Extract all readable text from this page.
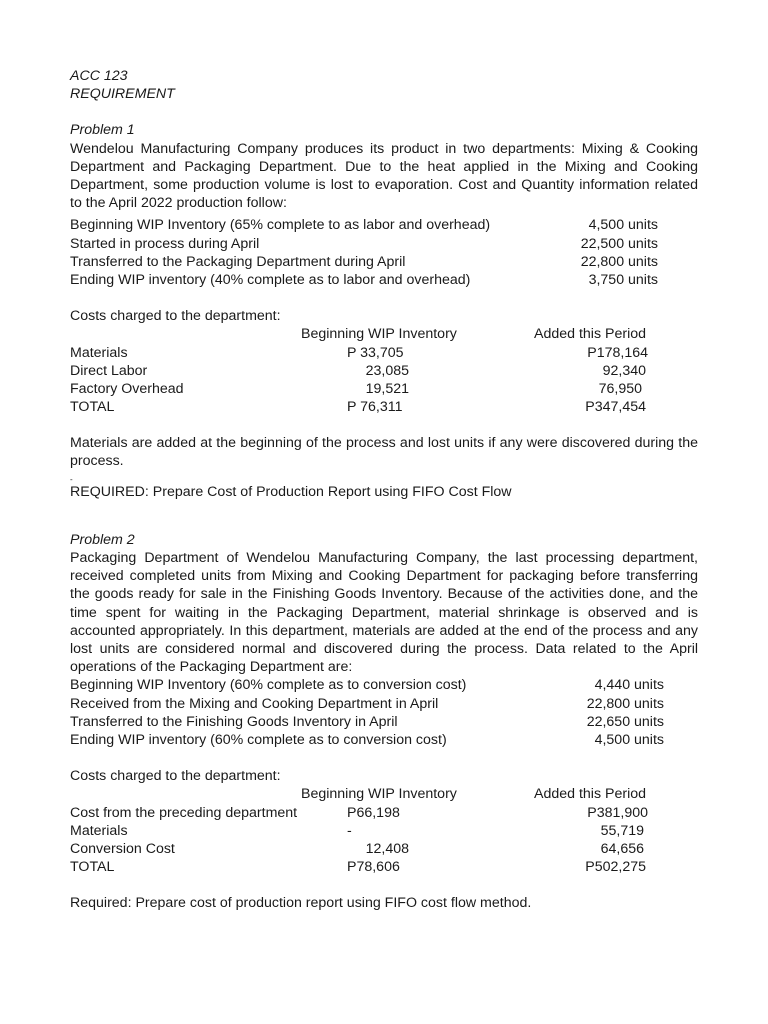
ACC 123
REQUIREMENT
Problem 1
Wendelou Manufacturing Company produces its product in two departments: Mixing & Cooking Department and Packaging Department. Due to the heat applied in the Mixing and Cooking Department, some production volume is lost to evaporation. Cost and Quantity information related to the April 2022 production follow:
Beginning WIP Inventory (65% complete to as labor and overhead)	4,500 units
Started in process during April	22,500 units
Transferred to the Packaging Department during April	22,800 units
Ending WIP inventory (40% complete as to labor and overhead)	3,750 units
Costs charged to the department:
Beginning WIP Inventory	Added this Period
Materials	P 33,705	P178,164
Direct Labor	23,085	92,340
Factory Overhead	19,521	76,950
TOTAL	P 76,311	P347,454
Materials are added at the beginning of the process and lost units if any were discovered during the process.
-
REQUIRED: Prepare Cost of Production Report using FIFO Cost Flow
Problem 2
Packaging Department of Wendelou Manufacturing Company, the last processing department, received completed units from Mixing and Cooking Department for packaging before transferring the goods ready for sale in the Finishing Goods Inventory. Because of the activities done, and the time spent for waiting in the Packaging Department, material shrinkage is observed and is accounted appropriately. In this department, materials are added at the end of the process and any lost units are considered normal and discovered during the process. Data related to the April operations of the Packaging Department are:
Beginning WIP Inventory (60% complete as to conversion cost)	4,440 units
Received from the Mixing and Cooking Department in April	22,800 units
Transferred to the Finishing Goods Inventory in April	22,650 units
Ending WIP inventory (60% complete as to conversion cost)	4,500 units
Costs charged to the department:
Beginning WIP Inventory	Added this Period
Cost from the preceding department	P66,198	P381,900
Materials	-	55,719
Conversion Cost	12,408	64,656
TOTAL	P78,606	P502,275
Required: Prepare cost of production report using FIFO cost flow method.
